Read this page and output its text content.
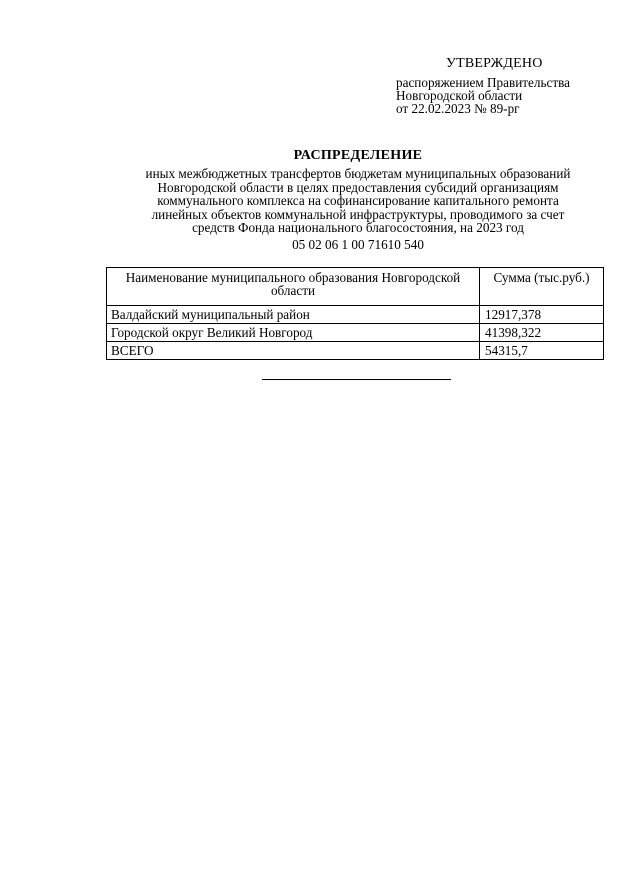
УТВЕРЖДЕНО
распоряжением Правительства
Новгородской области
от 22.02.2023 № 89-рг
РАСПРЕДЕЛЕНИЕ
иных межбюджетных трансфертов бюджетам муниципальных образований
Новгородской области в целях предоставления субсидий организациям
коммунального комплекса на софинансирование капитального ремонта
линейных объектов коммунальной инфраструктуры, проводимого за счет
средств Фонда национального благосостояния, на 2023 год
05 02 06 1 00 71610 540
Наименование муниципального образования Новгородской области	Сумма (тыс.руб.)
Валдайский муниципальный район	12917,378
Городской округ Великий Новгород	41398,322
ВСЕГО	54315,7
